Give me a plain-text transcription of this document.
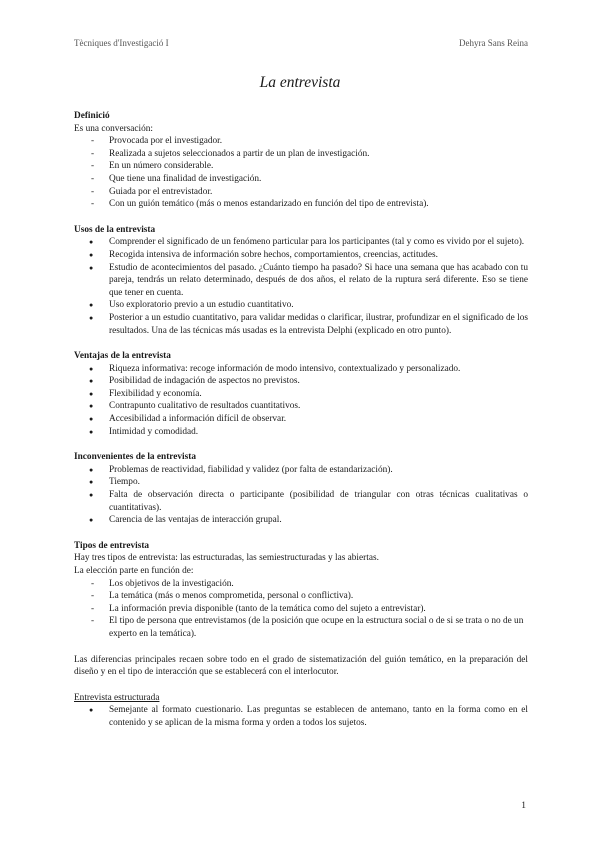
Tècniques d'Investigació I	Dehyra Sans Reina
La entrevista

Definició

Es una conversación:

- Provocada por el investigador.
- Realizada a sujetos seleccionados a partir de un plan de investigación.
- En un número considerable.
- Que tiene una finalidad de investigación.
- Guiada por el entrevistador.
- Con un guión temático (más o menos estandarizado en función del tipo de entrevista).

Usos de la entrevista

● Comprender el significado de un fenómeno particular para los participantes (tal y como es vivido por el sujeto).
● Recogida intensiva de información sobre hechos, comportamientos, creencias, actitudes.
● Estudio de acontecimientos del pasado. ¿Cuánto tiempo ha pasado? Si hace una semana que has acabado con tu pareja, tendrás un relato determinado, después de dos años, el relato de la ruptura será diferente. Eso se tiene que tener en cuenta.
● Uso exploratorio previo a un estudio cuantitativo.
● Posterior a un estudio cuantitativo, para validar medidas o clarificar, ilustrar, profundizar en el significado de los resultados. Una de las técnicas más usadas es la entrevista Delphi (explicado en otro punto).

Ventajas de la entrevista

● Riqueza informativa: recoge información de modo intensivo, contextualizado y personalizado.
● Posibilidad de indagación de aspectos no previstos.
● Flexibilidad y economía.
● Contrapunto cualitativo de resultados cuantitativos.
● Accesibilidad a información difícil de observar.
● Intimidad y comodidad.

Inconvenientes de la entrevista

● Problemas de reactividad, fiabilidad y validez (por falta de estandarización).
● Tiempo.
● Falta de observación directa o participante (posibilidad de triangular con otras técnicas cualitativas o cuantitativas).
● Carencia de las ventajas de interacción grupal.

Tipos de entrevista

Hay tres tipos de entrevista: las estructuradas, las semiestructuradas y las abiertas.

La elección parte en función de:

- Los objetivos de la investigación.
- La temática (más o menos comprometida, personal o conflictiva).
- La información previa disponible (tanto de la temática como del sujeto a entrevistar).
- El tipo de persona que entrevistamos (de la posición que ocupe en la estructura social o de si se trata o no de un experto en la temática).

Las diferencias principales recaen sobre todo en el grado de sistematización del guión temático, en la preparación del diseño y en el tipo de interacción que se establecerá con el interlocutor.

Entrevista estructurada

● Semejante al formato cuestionario. Las preguntas se establecen de antemano, tanto en la forma como en el contenido y se aplican de la misma forma y orden a todos los sujetos.
1
